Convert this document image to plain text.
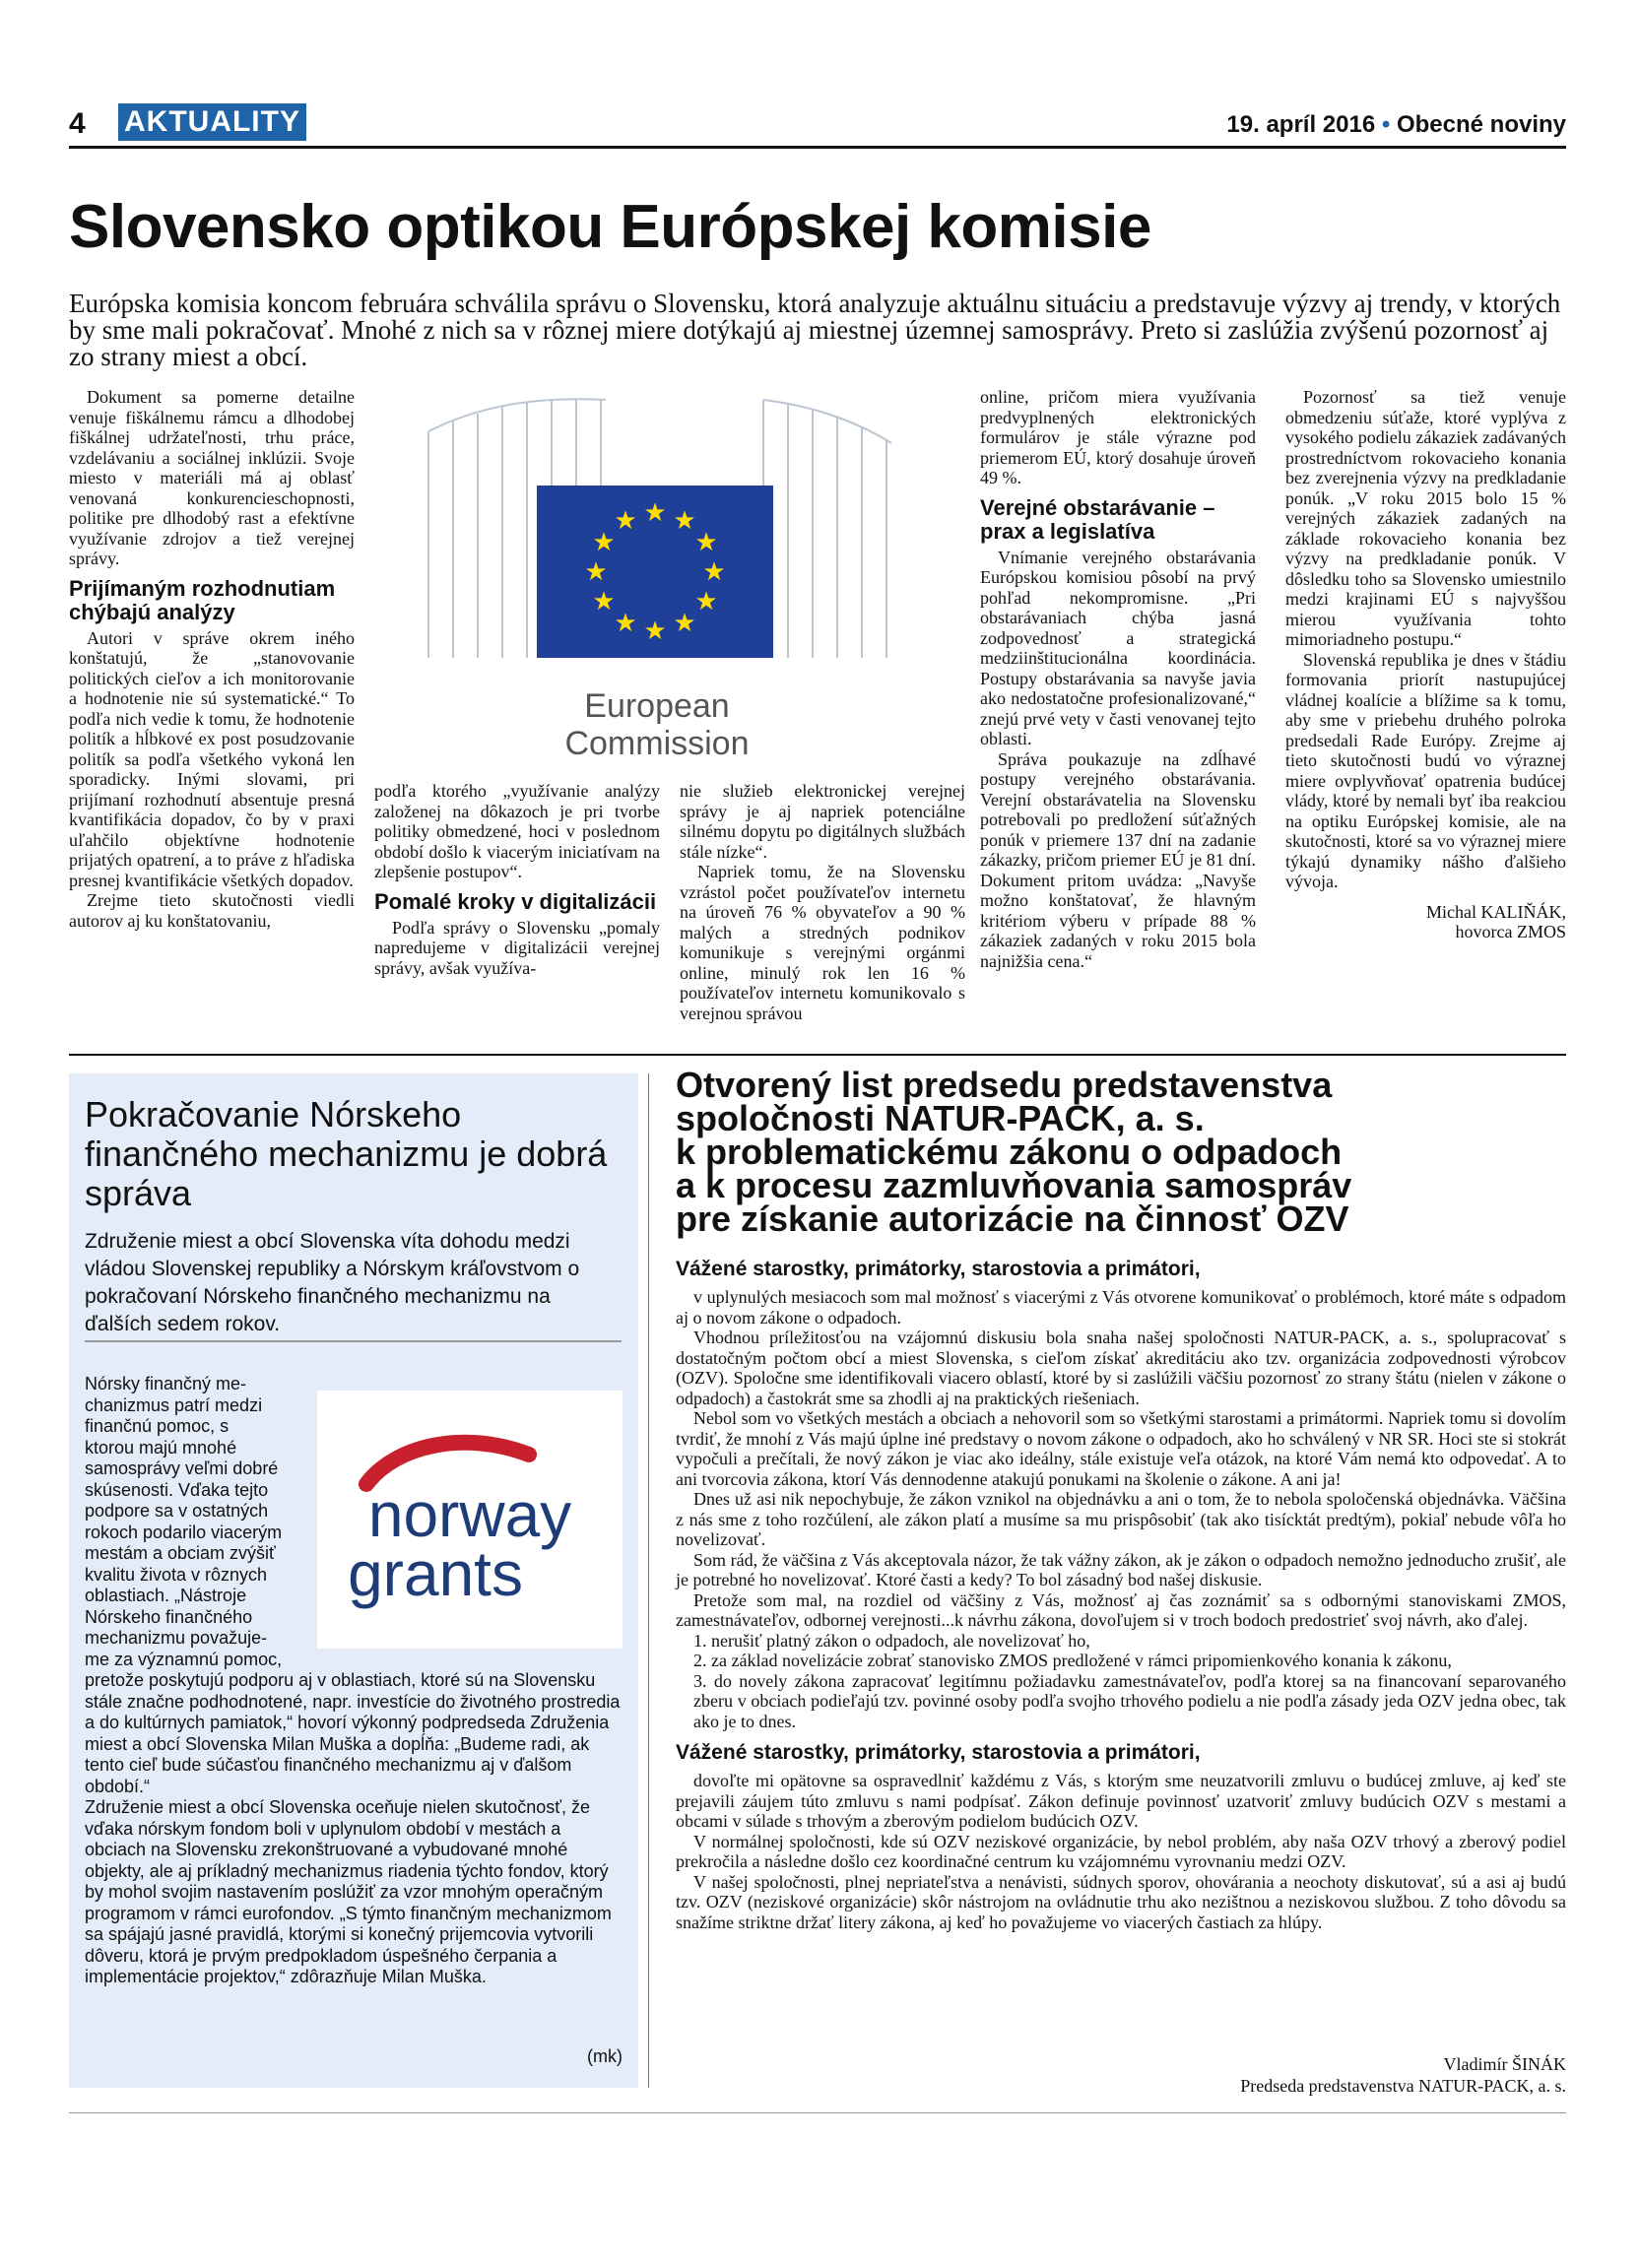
4 AKTUALITY	19. apríl 2016 • Obecné noviny
Slovensko optikou Európskej komisie

Európska komisia koncom februára schválila správu o Slovensku, ktorá analyzuje aktuálnu situáciu a predstavuje výzvy aj trendy, v ktorých by sme mali pokračovať. Mnohé z nich sa v rôznej miere dotýkajú aj miestnej územnej samosprávy. Preto si zaslúžia zvýšenú pozornosť aj zo strany miest a obcí.

Dokument sa pomerne detailne venuje fiškálnemu rámcu a dlhodobej fiškálnej udržateľnosti, trhu práce, vzdelávaniu a sociálnej inklúzii. Svoje miesto v materiáli má aj oblasť venovaná konkurencieschopnosti, politike pre dlhodobý rast a efektívne využívanie zdrojov a tiež verejnej správy.

Prijímaným rozhodnutiam chýbajú analýzy

Autori v správe okrem iného konštatujú, že „stanovovanie politických cieľov a ich monitorovanie a hodnotenie nie sú systematické.“ To podľa nich vedie k tomu, že hodnotenie politík a hĺbkové ex post posudzovanie politík sa podľa všetkého vykoná len sporadicky. Inými slovami, pri prijímaní rozhodnutí absentuje presná kvantifikácia dopadov, čo by v praxi uľahčilo objektívne hodnotenie prijatých opatrení, a to práve z hľadiska presnej kvantifikácie všetkých dopadov.

Zrejme tieto skutočnosti viedli autorov aj ku konštatovaniu,

★ ★
★
★
★
★
★
★
★
★
★
★
European
Commission

podľa ktorého „využívanie analýzy založenej na dôkazoch je pri tvorbe politiky obmedzené, hoci v poslednom období došlo k viacerým iniciatívam na zlepšenie postupov“.

Pomalé kroky v digitalizácii

Podľa správy o Slovensku „pomaly napredujeme v digitalizácii verejnej správy, avšak využíva-

nie služieb elektronickej verejnej správy je aj napriek potenciálne silnému dopytu po digitálnych službách stále nízke“.

Napriek tomu, že na Slovensku vzrástol počet používateľov internetu na úroveň 76 % obyvateľov a 90 % malých a stredných podnikov komunikuje s verejnými orgánmi online, minulý rok len 16 % používateľov internetu komunikovalo s verejnou správou

online, pričom miera využívania predvyplnených elektronických formulárov je stále výrazne pod priemerom EÚ, ktorý dosahuje úroveň 49 %.

Verejné obstarávanie – prax a legislatíva

Vnímanie verejného obstarávania Európskou komisiou pôsobí na prvý pohľad nekompromisne. „Pri obstarávaniach chýba jasná zodpovednosť a strategická medziinštitucionálna koordinácia. Postupy obstarávania sa navyše javia ako nedostatočne profesionalizované,“ znejú prvé vety v časti venovanej tejto oblasti.

Správa poukazuje na zdĺhavé postupy verejného obstarávania. Verejní obstarávatelia na Slovensku potrebovali po predložení súťažných ponúk v priemere 137 dní na zadanie zákazky, pričom priemer EÚ je 81 dní. Dokument pritom uvádza: „Navyše možno konštatovať, že hlavným kritériom výberu v prípade 88 % zákaziek zadaných v roku 2015 bola najnižšia cena.“

Pozornosť sa tiež venuje obmedzeniu súťaže, ktoré vyplýva z vysokého podielu zákaziek zadávaných prostredníctvom rokovacieho konania bez zverejnenia výzvy na predkladanie ponúk. „V roku 2015 bolo 15 % verejných zákaziek zadaných na základe rokovacieho konania bez výzvy na predkladanie ponúk. V dôsledku toho sa Slovensko umiestnilo medzi krajinami EÚ s najvyššou mierou využívania tohto mimoriadneho postupu.“

Slovenská republika je dnes v štádiu formovania priorít nastupujúcej vládnej koalície a blížime sa k tomu, aby sme v priebehu druhého polroka predsedali Rade Európy. Zrejme aj tieto skutočnosti budú vo výraznej miere ovplyvňovať opatrenia budúcej vlády, ktoré by nemali byť iba reakciou na optiku Európskej komisie, ale na skutočnosti, ktoré sa vo výraznej miere týkajú dynamiky nášho ďalšieho vývoja.

Michal KALIŇÁK,

hovorca ZMOS

Pokračovanie Nórskeho finančného mechanizmu je dobrá správa

Združenie miest a obcí Slovenska víta dohodu medzi vládou Slovenskej republiky a Nórskym kráľovstvom o pokračovaní Nórskeho finančného mechanizmu na ďalších sedem rokov.

norway
grants
Nórsky finančný me-
chanizmus patrí medzi
finančnú pomoc, s
ktorou majú mnohé
samosprávy veľmi dobré
skúsenosti. Vďaka tejto
podpore sa v ostatných
rokoch podarilo viacerým
mestám a obciam zvýšiť
kvalitu života v rôznych
oblastiach. „Nástroje
Nórskeho finančného
mechanizmu považuje-
me za významnú pomoc,
pretože poskytujú podporu aj v oblastiach, ktoré sú na Slovensku stále značne podhodnotené, napr. investície do životného prostredia a do kultúrnych pamiatok,“ hovorí výkonný podpredseda Združenia miest a obcí Slovenska Milan Muška a dopĺňa: „Budeme radi, ak tento cieľ bude súčasťou finančného mechanizmu aj v ďalšom období.“
Združenie miest a obcí Slovenska oceňuje nielen skutočnosť, že vďaka nórskym fondom boli v uplynulom období v mestách a obciach na Slovensku zrekonštruované a vybudované mnohé objekty, ale aj príkladný mechanizmus riadenia týchto fondov, ktorý by mohol svojim nastavením poslúžiť za vzor mnohým operačným programom v rámci eurofondov. „S týmto finančným mechanizmom sa spájajú jasné pravidlá, ktorými si konečný prijemcovia vytvorili dôveru, ktorá je prvým predpokladom úspešného čerpania a implementácie projektov,“ zdôrazňuje Milan Muška.
(mk)
Otvorený list predsedu predstavenstva
spoločnosti NATUR-PACK, a. s.
k problematickému zákonu o odpadoch
a k procesu zazmluvňovania samospráv
pre získanie autorizácie na činnosť OZV
Vážené starostky, primátorky, starostovia a primátori,

v uplynulých mesiacoch som mal možnosť s viacerými z Vás otvorene komunikovať o problémoch, ktoré máte s odpadom aj o novom zákone o odpadoch.

Vhodnou príležitosťou na vzájomnú diskusiu bola snaha našej spoločnosti NATUR-PACK, a. s., spolupracovať s dostatočným počtom obcí a miest Slovenska, s cieľom získať akreditáciu ako tzv. organizácia zodpovednosti výrobcov (OZV). Spoločne sme identifikovali viacero oblastí, ktoré by si zaslúžili väčšiu pozornosť zo strany štátu (nielen v zákone o odpadoch) a častokrát sme sa zhodli aj na praktických riešeniach.

Nebol som vo všetkých mestách a obciach a nehovoril som so všetkými starostami a primátormi. Napriek tomu si dovolím tvrdiť, že mnohí z Vás majú úplne iné predstavy o novom zákone o odpadoch, ako ho schválený v NR SR. Hoci ste si stokrát vypočuli a prečítali, že nový zákon je viac ako ideálny, stále existuje veľa otázok, na ktoré Vám nemá kto odpovedať. A to ani tvorcovia zákona, ktorí Vás dennodenne atakujú ponukami na školenie o zákone. A ani ja!

Dnes už asi nik nepochybuje, že zákon vznikol na objednávku a ani o tom, že to nebola spoločenská objednávka. Väčšina z nás sme z toho rozčúlení, ale zákon platí a musíme sa mu prispôsobiť (tak ako tisícktát predtým), pokiaľ nebude vôľa ho novelizovať.

Som rád, že väčšina z Vás akceptovala názor, že tak vážny zákon, ak je zákon o odpadoch nemožno jednoducho zrušiť, ale je potrebné ho novelizovať. Ktoré časti a kedy? To bol zásadný bod našej diskusie.

Pretože som mal, na rozdiel od väčšiny z Vás, možnosť aj čas zoznámiť sa s odbornými stanoviskami ZMOS, zamestnávateľov, odbornej verejnosti...k návrhu zákona, dovoľujem si v troch bodoch predostrieť svoj návrh, ako ďalej.

1. nerušiť platný zákon o odpadoch, ale novelizovať ho,

2. za základ novelizácie zobrať stanovisko ZMOS predložené v rámci pripomienkového konania k zákonu,

3. do novely zákona zapracovať legitímnu požiadavku zamestnávateľov, podľa ktorej sa na financovaní separovaného zberu v obciach podieľajú tzv. povinné osoby podľa svojho trhového podielu a nie podľa zásady jeda OZV jedna obec, tak ako je to dnes.

Vážené starostky, primátorky, starostovia a primátori,

dovoľte mi opätovne sa ospravedlniť každému z Vás, s ktorým sme neuzatvorili zmluvu o budúcej zmluve, aj keď ste prejavili záujem túto zmluvu s nami podpísať. Zákon definuje povinnosť uzatvoriť zmluvy budúcich OZV s mestami a obcami v súlade s trhovým a zberovým podielom budúcich OZV.

V normálnej spoločnosti, kde sú OZV neziskové organizácie, by nebol problém, aby naša OZV trhový a zberový podiel prekročila a následne došlo cez koordinačné centrum ku vzájomnému vyrovnaniu medzi OZV.

V našej spoločnosti, plnej nepriateľstva a nenávisti, súdnych sporov, ohovárania a neochoty diskutovať, sú a asi aj budú tzv. OZV (neziskové organizácie) skôr nástrojom na ovládnutie trhu ako nezištnou a neziskovou službou. Z toho dôvodu sa snažíme striktne držať litery zákona, aj keď ho považujeme vo viacerých častiach za hlúpy.

Vladimír ŠINÁK
Predseda predstavenstva NATUR-PACK, a. s.
